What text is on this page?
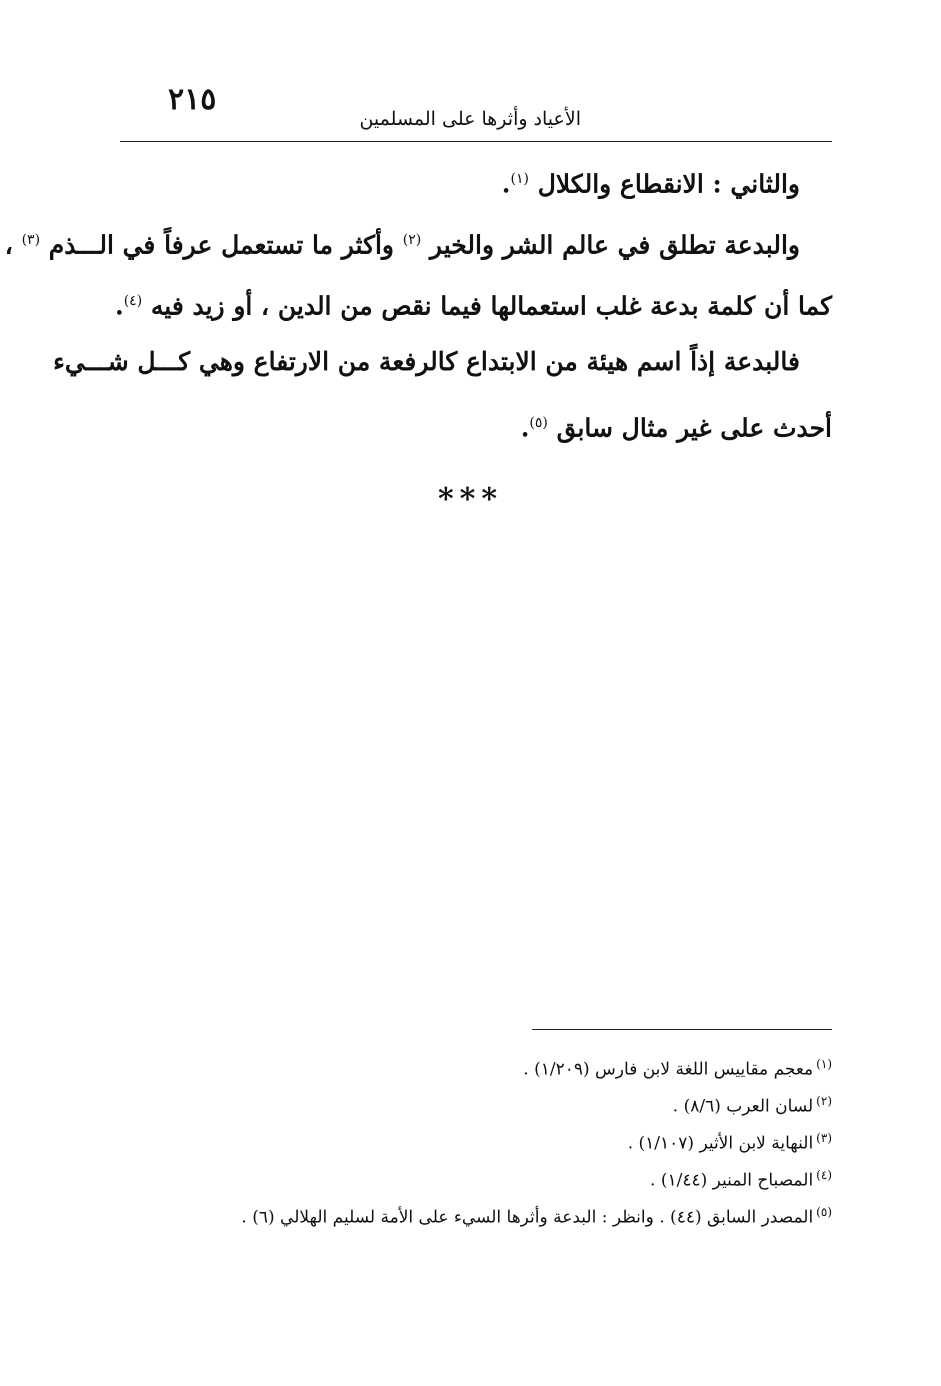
٢١٥
الأعياد وأثرها على المسلمين
والثاني : الانقطاع والكلال $^{(١)}$.
والبدعة تطلق في عالم الشر والخير $^{(٢)}$ وأكثر ما تستعمل عرفاً في الـــذم $^{(٣)}$ ،
كما أن كلمة بدعة غلب استعمالها فيما نقص من الدين ، أو زيد فيه $^{(٤)}$.
فالبدعة إذاً اسم هيئة من الابتداع كالرفعة من الارتفاع وهي كـــل شـــيء
أحدث على غير مثال سابق $^{(٥)}$.
***
$^{(١)}$معجم مقاييس اللغة لابن فارس (١/٢٠٩) .
$^{(٢)}$لسان العرب (٨/٦) .
$^{(٣)}$النهاية لابن الأثير (١/١٠٧) .
$^{(٤)}$المصباح المنير (١/٤٤) .
$^{(٥)}$المصدر السابق (٤٤) . وانظر : البدعة وأثرها السيء على الأمة لسليم الهلالي (٦) .
